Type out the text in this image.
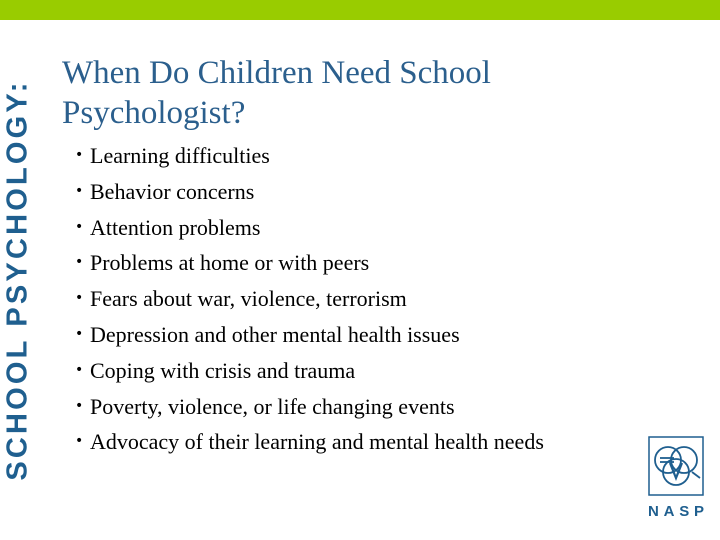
SCHOOL PSYCHOLOGY:
When Do Children Need School Psychologist?
• Learning difficulties
• Behavior concerns
• Attention problems
• Problems at home or with peers
• Fears about war, violence, terrorism
• Depression and other mental health issues
• Coping with crisis and trauma
• Poverty, violence, or life changing events
• Advocacy of their learning and mental health needs
N A S P
